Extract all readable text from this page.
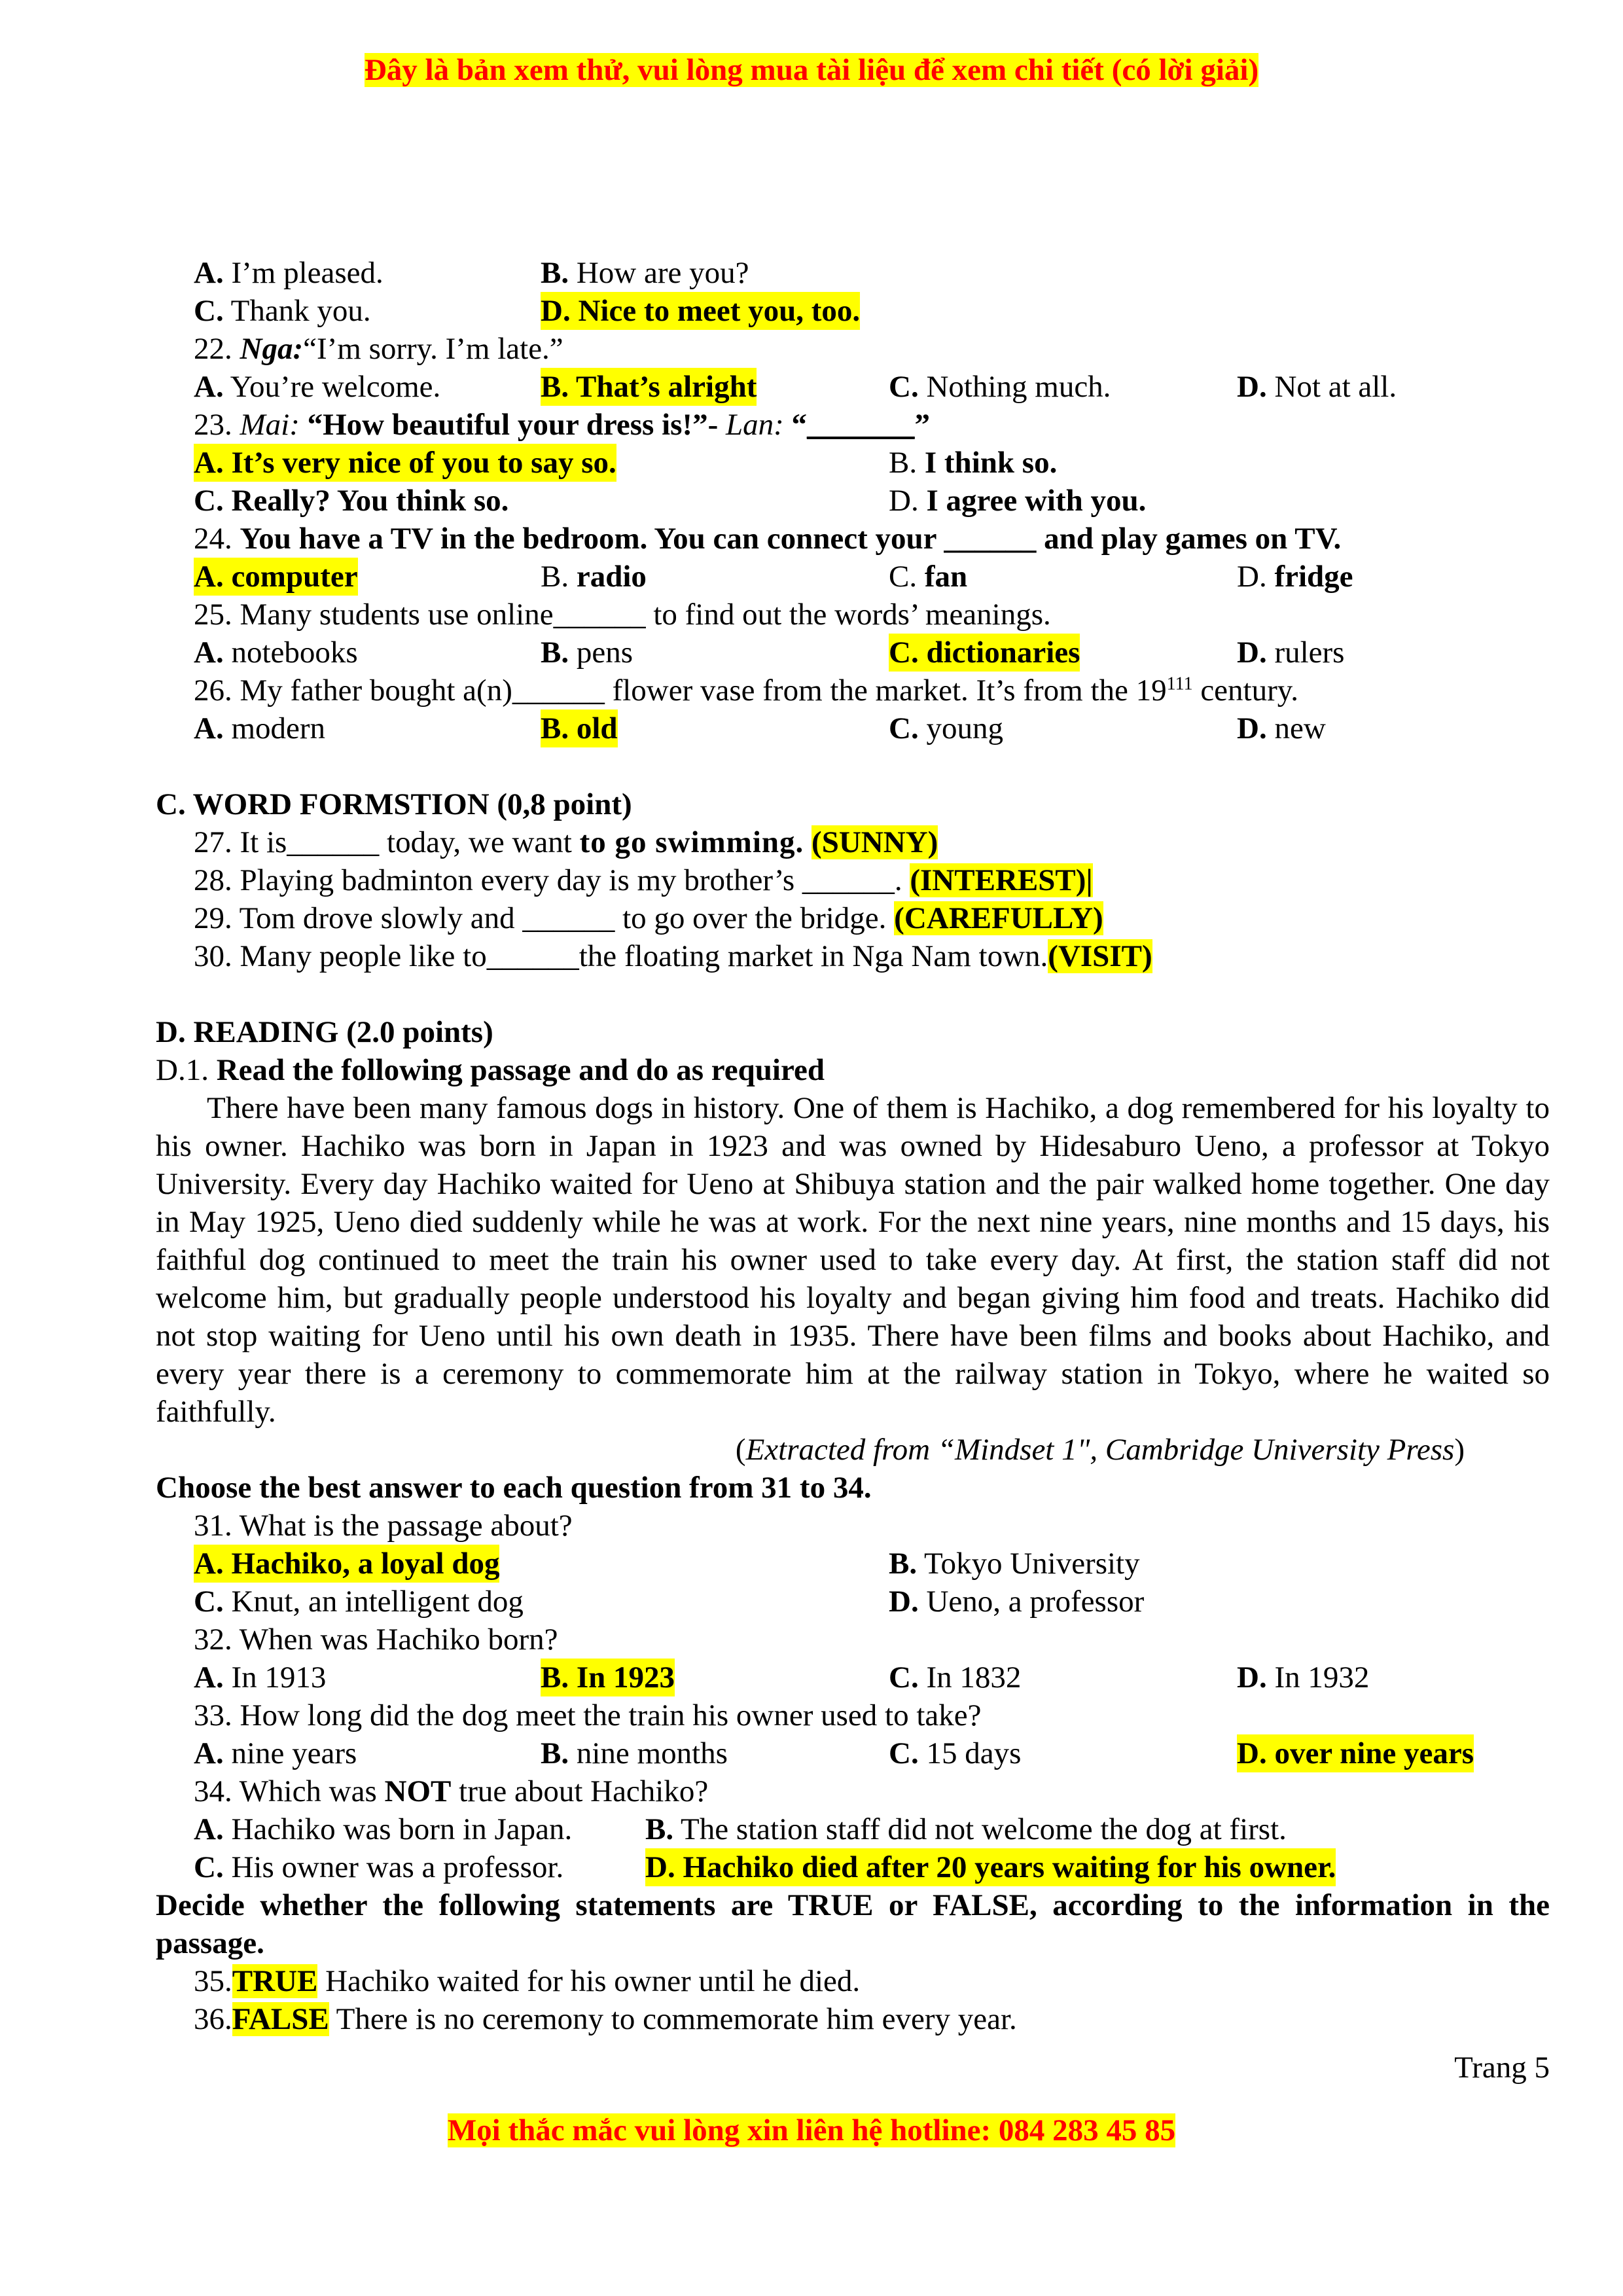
Đây là bản xem thử, vui lòng mua tài liệu để xem chi tiết (có lời giải)
A. I’m pleased.	B. How are you?
C. Thank you.	D. Nice to meet you, too.
22. Nga:“I’m sorry. I’m late.”
A. You’re welcome.	B. That’s alright	C. Nothing much.	D. Not at all.
23. Mai: “How beautiful your dress is!”- Lan: “_______”
A. It’s very nice of you to say so.	B. I think so.
C. Really? You think so.	D. I agree with you.
24. You have a TV in the bedroom. You can connect your ______ and play games on TV.
A. computer	B. radio	C. fan	D. fridge
25. Many students use online______ to find out the words’ meanings.
A. notebooks	B. pens	C. dictionaries	D. rulers
26. My father bought a(n)______ flower vase from the market. It’s from the $19^{111}$ century.
A. modern	B. old	C. young	D. new
C. WORD FORMSTION (0,8 point)
27. It is______ today, we want to go swimming. (SUNNY)
28. Playing badminton every day is my brother’s ______. (INTEREST)|
29. Tom drove slowly and ______ to go over the bridge. (CAREFULLY)
30. Many people like to______the floating market in Nga Nam town.(VISIT)
D. READING (2.0 points)
D.1. Read the following passage and do as required
There have been many famous dogs in history. One of them is Hachiko, a dog remembered for his loyalty to his owner. Hachiko was born in Japan in 1923 and was owned by Hidesaburo Ueno, a professor at Tokyo University. Every day Hachiko waited for Ueno at Shibuya station and the pair walked home together. One day in May 1925, Ueno died suddenly while he was at work. For the next nine years, nine months and 15 days, his faithful dog continued to meet the train his owner used to take every day. At first, the station staff did not welcome him, but gradually people understood his loyalty and began giving him food and treats. Hachiko did not stop waiting for Ueno until his own death in 1935. There have been films and books about Hachiko, and every year there is a ceremony to commemorate him at the railway station in Tokyo, where he waited so faithfully.
(Extracted from “Mindset 1", Cambridge University Press)
Choose the best answer to each question from 31 to 34.
31. What is the passage about?
A. Hachiko, a loyal dog	B. Tokyo University
C. Knut, an intelligent dog	D. Ueno, a professor
32. When was Hachiko born?
A. In 1913	B. In 1923	C. In 1832	D. In 1932
33. How long did the dog meet the train his owner used to take?
A. nine years	B. nine months	C. 15 days	D. over nine years
34. Which was NOT true about Hachiko?
A. Hachiko was born in Japan. B. The station staff did not welcome the dog at first.
C. His owner was a professor.	D. Hachiko died after 20 years waiting for his owner.
Decide whether the following statements are TRUE or FALSE, according to the information in the passage.
35.TRUE Hachiko waited for his owner until he died.
36.FALSE There is no ceremony to commemorate him every year.
Trang 5
Mọi thắc mắc vui lòng xin liên hệ hotline: 084 283 45 85
